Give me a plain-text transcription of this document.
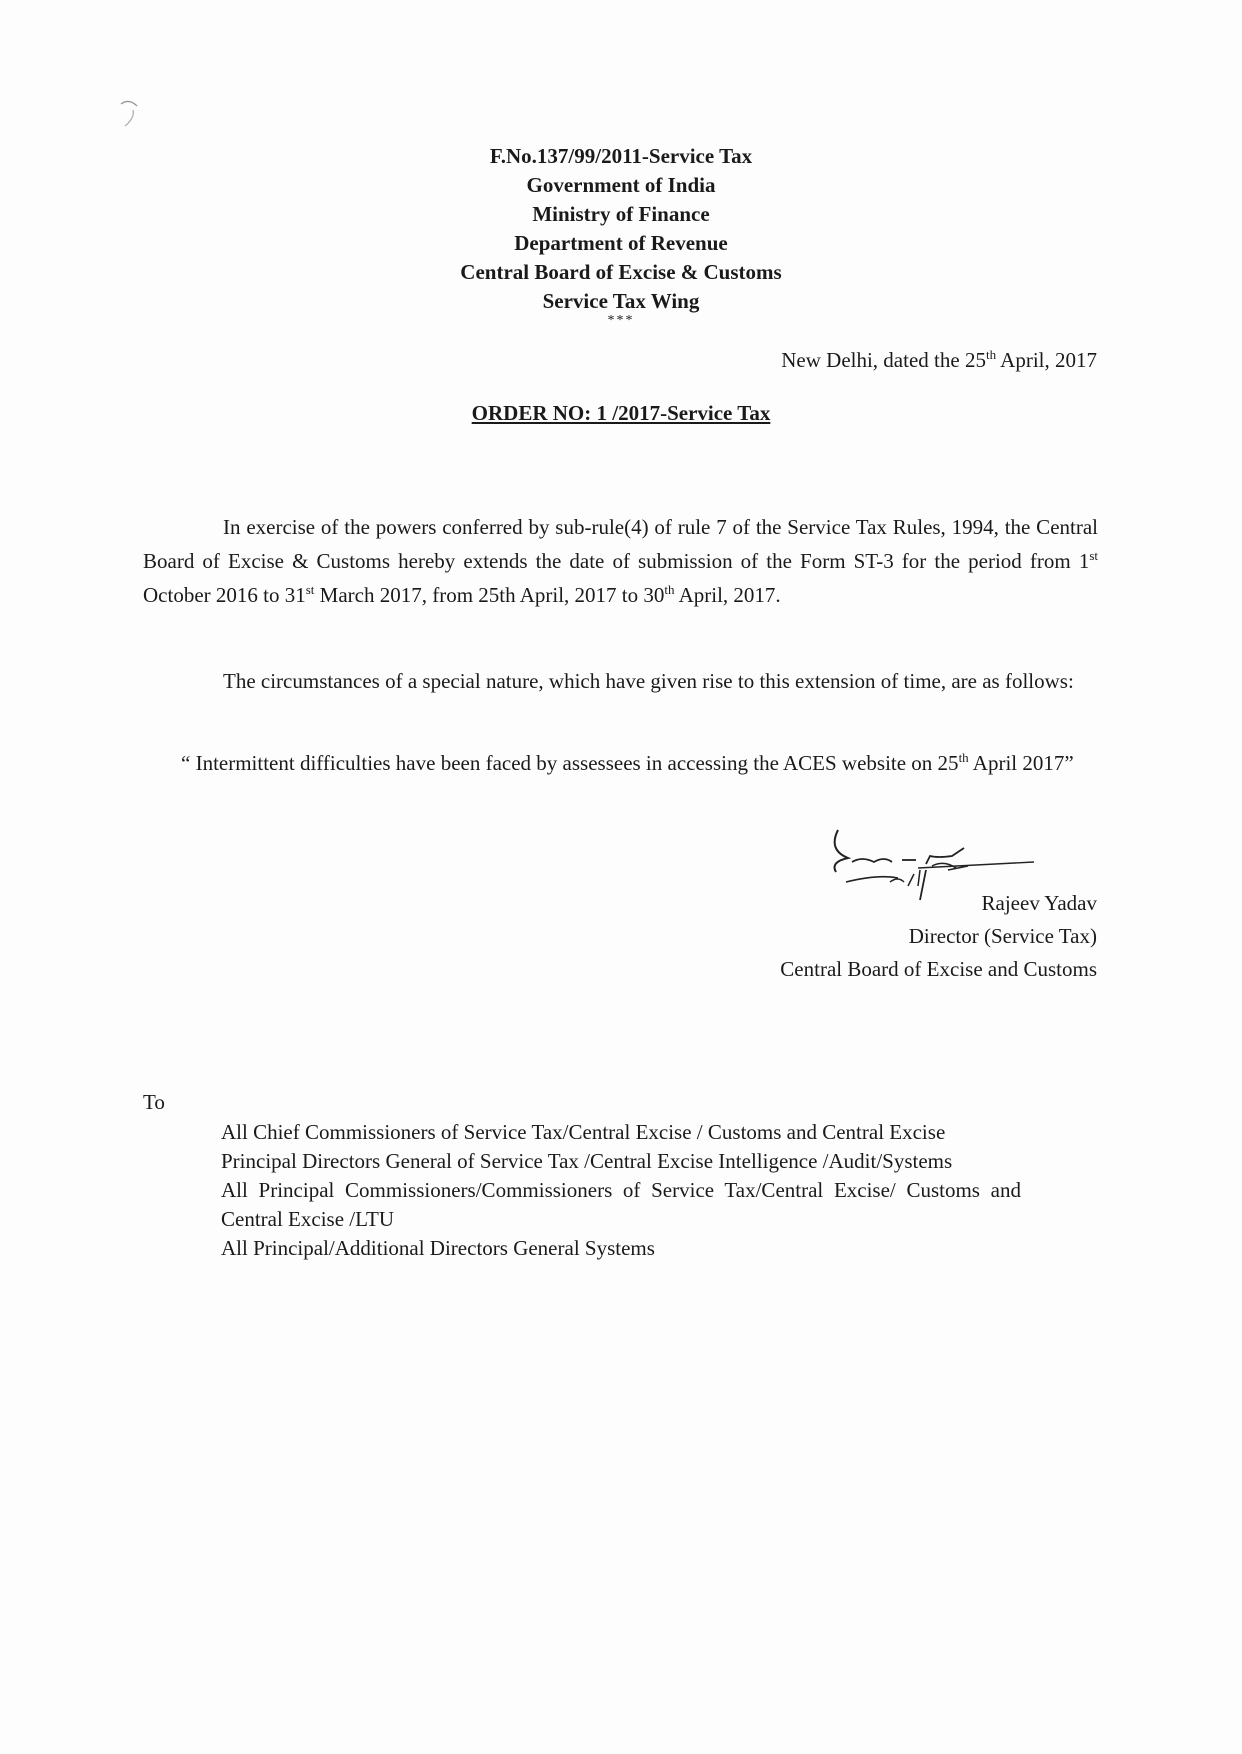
F.No.137/99/2011-Service Tax
Government of India
Ministry of Finance
Department of Revenue
Central Board of Excise & Customs
Service Tax Wing
***
New Delhi, dated the 25th April, 2017
ORDER NO: 1 /2017-Service Tax
In exercise of the powers conferred by sub-rule(4) of rule 7 of the Service Tax Rules, 1994, the Central Board of Excise & Customs hereby extends the date of submission of the Form ST-3 for the period from 1st October 2016 to 31st March 2017, from 25th April, 2017 to 30th April, 2017.
The circumstances of a special nature, which have given rise to this extension of time, are as follows:
“ Intermittent difficulties have been faced by assessees in accessing the ACES website on 25th April 2017”
Rajeev Yadav
Director (Service Tax)
Central Board of Excise and Customs
To
All Chief Commissioners of Service Tax/Central Excise / Customs and Central Excise
Principal Directors General of Service Tax /Central Excise Intelligence /Audit/Systems
All Principal Commissioners/Commissioners of Service Tax/Central Excise/ Customs and Central Excise /LTU
All Principal/Additional Directors General Systems
